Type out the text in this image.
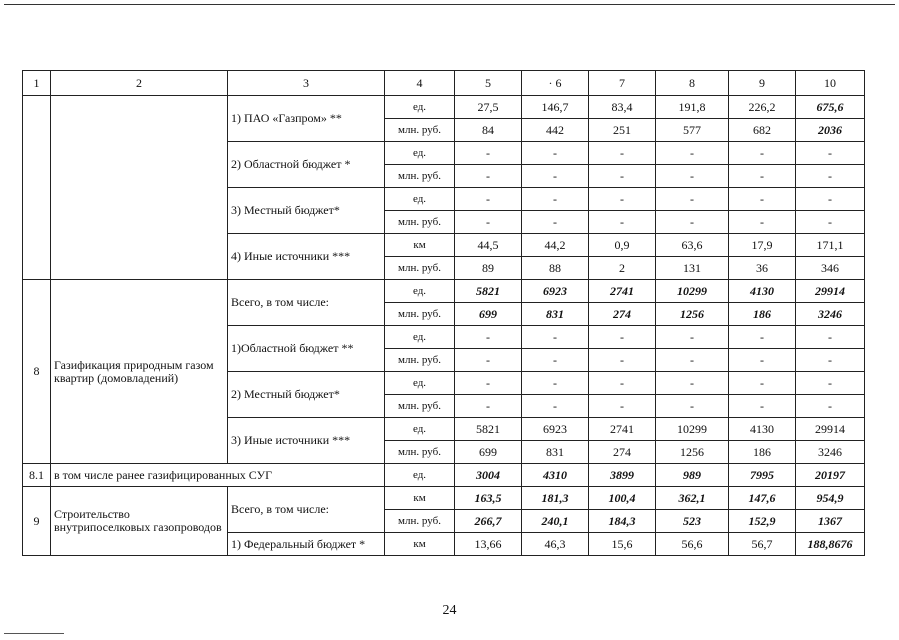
1	2	3	4	5	· 6	7	8	9	10
		1) ПАО «Газпром» **	ед.	27,5	146,7	83,4	191,8	226,2	675,6
			млн. руб.	84	442	251	577	682	2036
		2) Областной бюджет *	ед.	-	-	-	-	-	-
			млн. руб.	-	-	-	-	-	-
		3) Местный бюджет*	ед.	-	-	-	-	-	-
			млн. руб.	-	-	-	-	-	-
		4) Иные источники ***	км	44,5	44,2	0,9	63,6	17,9	171,1
			млн. руб.	89	88	2	131	36	346
8	Газификация природным газом квартир (домовладений)	Всего, в том числе:	ед.	5821	6923	2741	10299	4130	29914
			млн. руб.	699	831	274	1256	186	3246
		1)Областной бюджет **	ед.	-	-	-	-	-	-
			млн. руб.	-	-	-	-	-	-
		2) Местный бюджет*	ед.	-	-	-	-	-	-
			млн. руб.	-	-	-	-	-	-
		3) Иные источники ***	ед.	5821	6923	2741	10299	4130	29914
			млн. руб.	699	831	274	1256	186	3246
8.1	в том числе ранее газифицированных СУГ		ед.	3004	4310	3899	989	7995	20197
9	Строительство внутрипоселковых газопроводов	Всего, в том числе:	км	163,5	181,3	100,4	362,1	147,6	954,9
			млн. руб.	266,7	240,1	184,3	523	152,9	1367
		1) Федеральный бюджет *	км	13,66	46,3	15,6	56,6	56,7	188,8676
24
